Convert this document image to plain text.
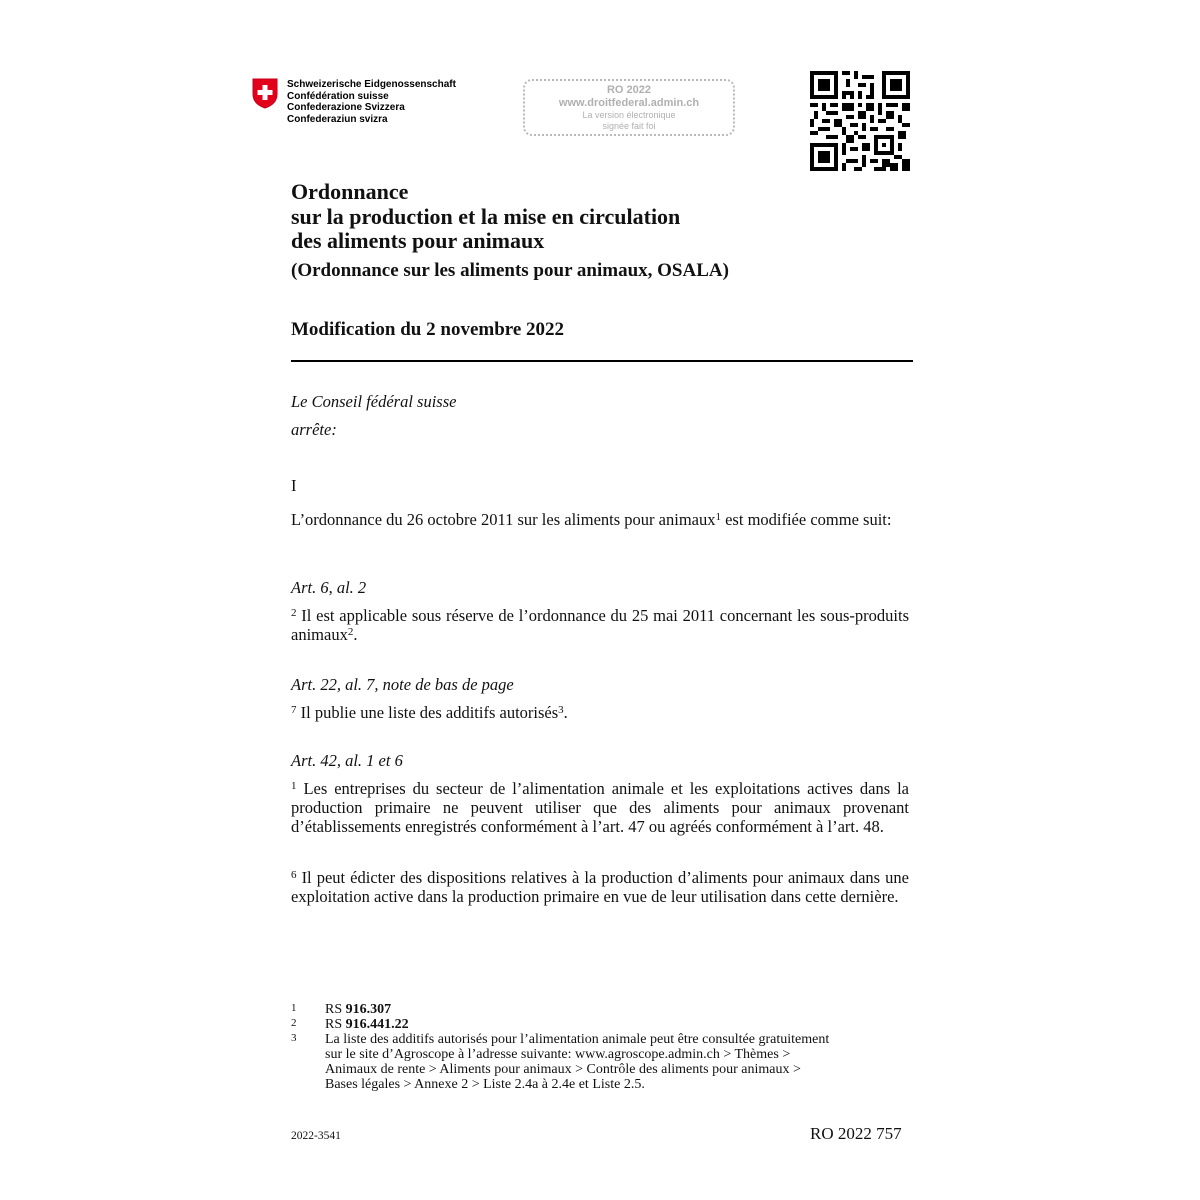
Schweizerische Eidgenossenschaft
Confédération suisse
Confederazione Svizzera
Confederaziun svizra
RO 2022
www.droitfederal.admin.ch
La version électronique
signée fait foi
Ordonnance
sur la production et la mise en circulation
des aliments pour animaux
(Ordonnance sur les aliments pour animaux, OSALA)
Modification du 2 novembre 2022
Le Conseil fédéral suisse
arrête:
I
L’ordonnance du 26 octobre 2011 sur les aliments pour animaux$^1$ est modifiée comme suit:
Art. 6, al. 2
$^2$ Il est applicable sous réserve de l’ordonnance du 25 mai 2011 concernant les sous-produits animaux$^2$.
Art. 22, al. 7, note de bas de page
$^7$ Il publie une liste des additifs autorisés$^3$.
Art. 42, al. 1 et 6
$^1$ Les entreprises du secteur de l’alimentation animale et les exploitations actives dans la production primaire ne peuvent utiliser que des aliments pour animaux provenant d’établissements enregistrés conformément à l’art. 47 ou agréés conformément à l’art. 48.
$^6$ Il peut édicter des dispositions relatives à la production d’aliments pour animaux dans une exploitation active dans la production primaire en vue de leur utilisation dans cette dernière.
1 RS 916.307
2 RS 916.441.22
3 La liste des additifs autorisés pour l’alimentation animale peut être consultée gratuitement
sur le site d’Agroscope à l’adresse suivante: www.agroscope.admin.ch > Thèmes >
Animaux de rente > Aliments pour animaux > Contrôle des aliments pour animaux >
Bases légales > Annexe 2 > Liste 2.4a à 2.4e et Liste 2.5.
2022-3541	RO 2022 757
